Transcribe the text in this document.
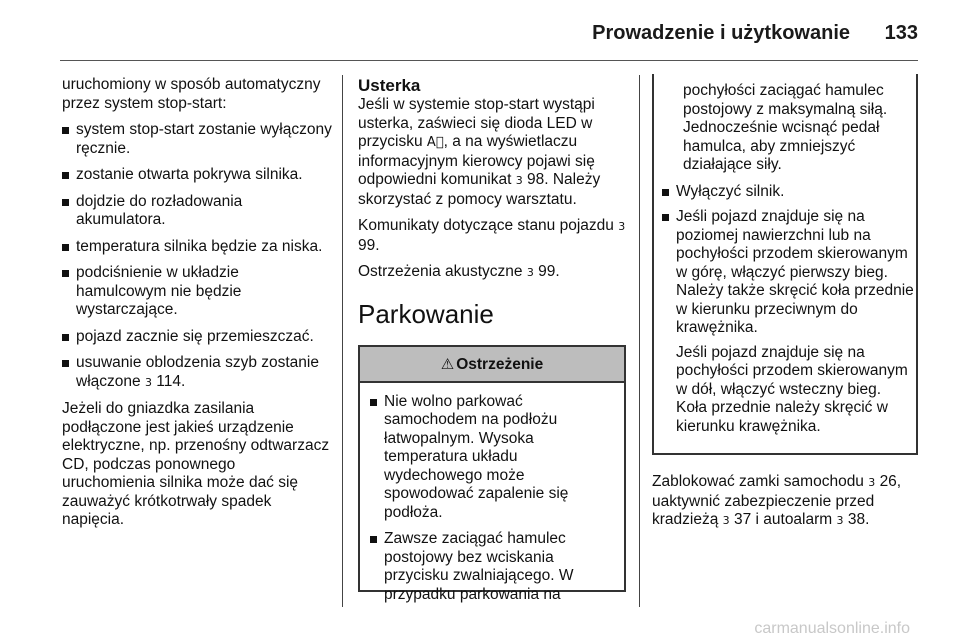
Prowadzenie i użytkowanie 133

uruchomiony w sposób automatyczny przez system stop-start:

system stop-start zostanie wyłączony ręcznie.
zostanie otwarta pokrywa silnika.
dojdzie do rozładowania akumulatora.
temperatura silnika będzie za niska.
podciśnienie w układzie hamulcowym nie będzie wystarczające.
pojazd zacznie się przemieszczać.
usuwanie oblodzenia szyb zostanie włączone 3 114.

Jeżeli do gniazdka zasilania podłączone jest jakieś urządzenie elektryczne, np. przenośny odtwarzacz CD, podczas ponownego uruchomienia silnika może dać się zauważyć krótkotrwały spadek napięcia.

Usterka

Jeśli w systemie stop-start wystąpi usterka, zaświeci się dioda LED w przycisku A⃝, a na wyświetlaczu informacyjnym kierowcy pojawi się odpowiedni komunikat 3 98. Należy skorzystać z pomocy warsztatu.

Komunikaty dotyczące stanu pojazdu 3 99.

Ostrzeżenia akustyczne 3 99.

Parkowanie
⚠ Ostrzeżenie
Nie wolno parkować samochodem na podłożu łatwopalnym. Wysoka temperatura układu wydechowego może spowodować zapalenie się podłoża.
Zawsze zaciągać hamulec postojowy bez wciskania przycisku zwalniającego. W przypadku parkowania na

pochyłości zaciągać hamulec postojowy z maksymalną siłą. Jednocześnie wcisnąć pedał hamulca, aby zmniejszyć działające siły.

Wyłączyć silnik.
Jeśli pojazd znajduje się na poziomej nawierzchni lub na pochyłości przodem skierowanym w górę, włączyć pierwszy bieg. Należy także skręcić koła przednie w kierunku przeciwnym do krawężnika.
Jeśli pojazd znajduje się na pochyłości przodem skierowanym w dół, włączyć wsteczny bieg. Koła przednie należy skręcić w kierunku krawężnika.

Zablokować zamki samochodu 3 26, uaktywnić zabezpieczenie przed kradzieżą 3 37 i autoalarm 3 38.

carmanualsonline.info
